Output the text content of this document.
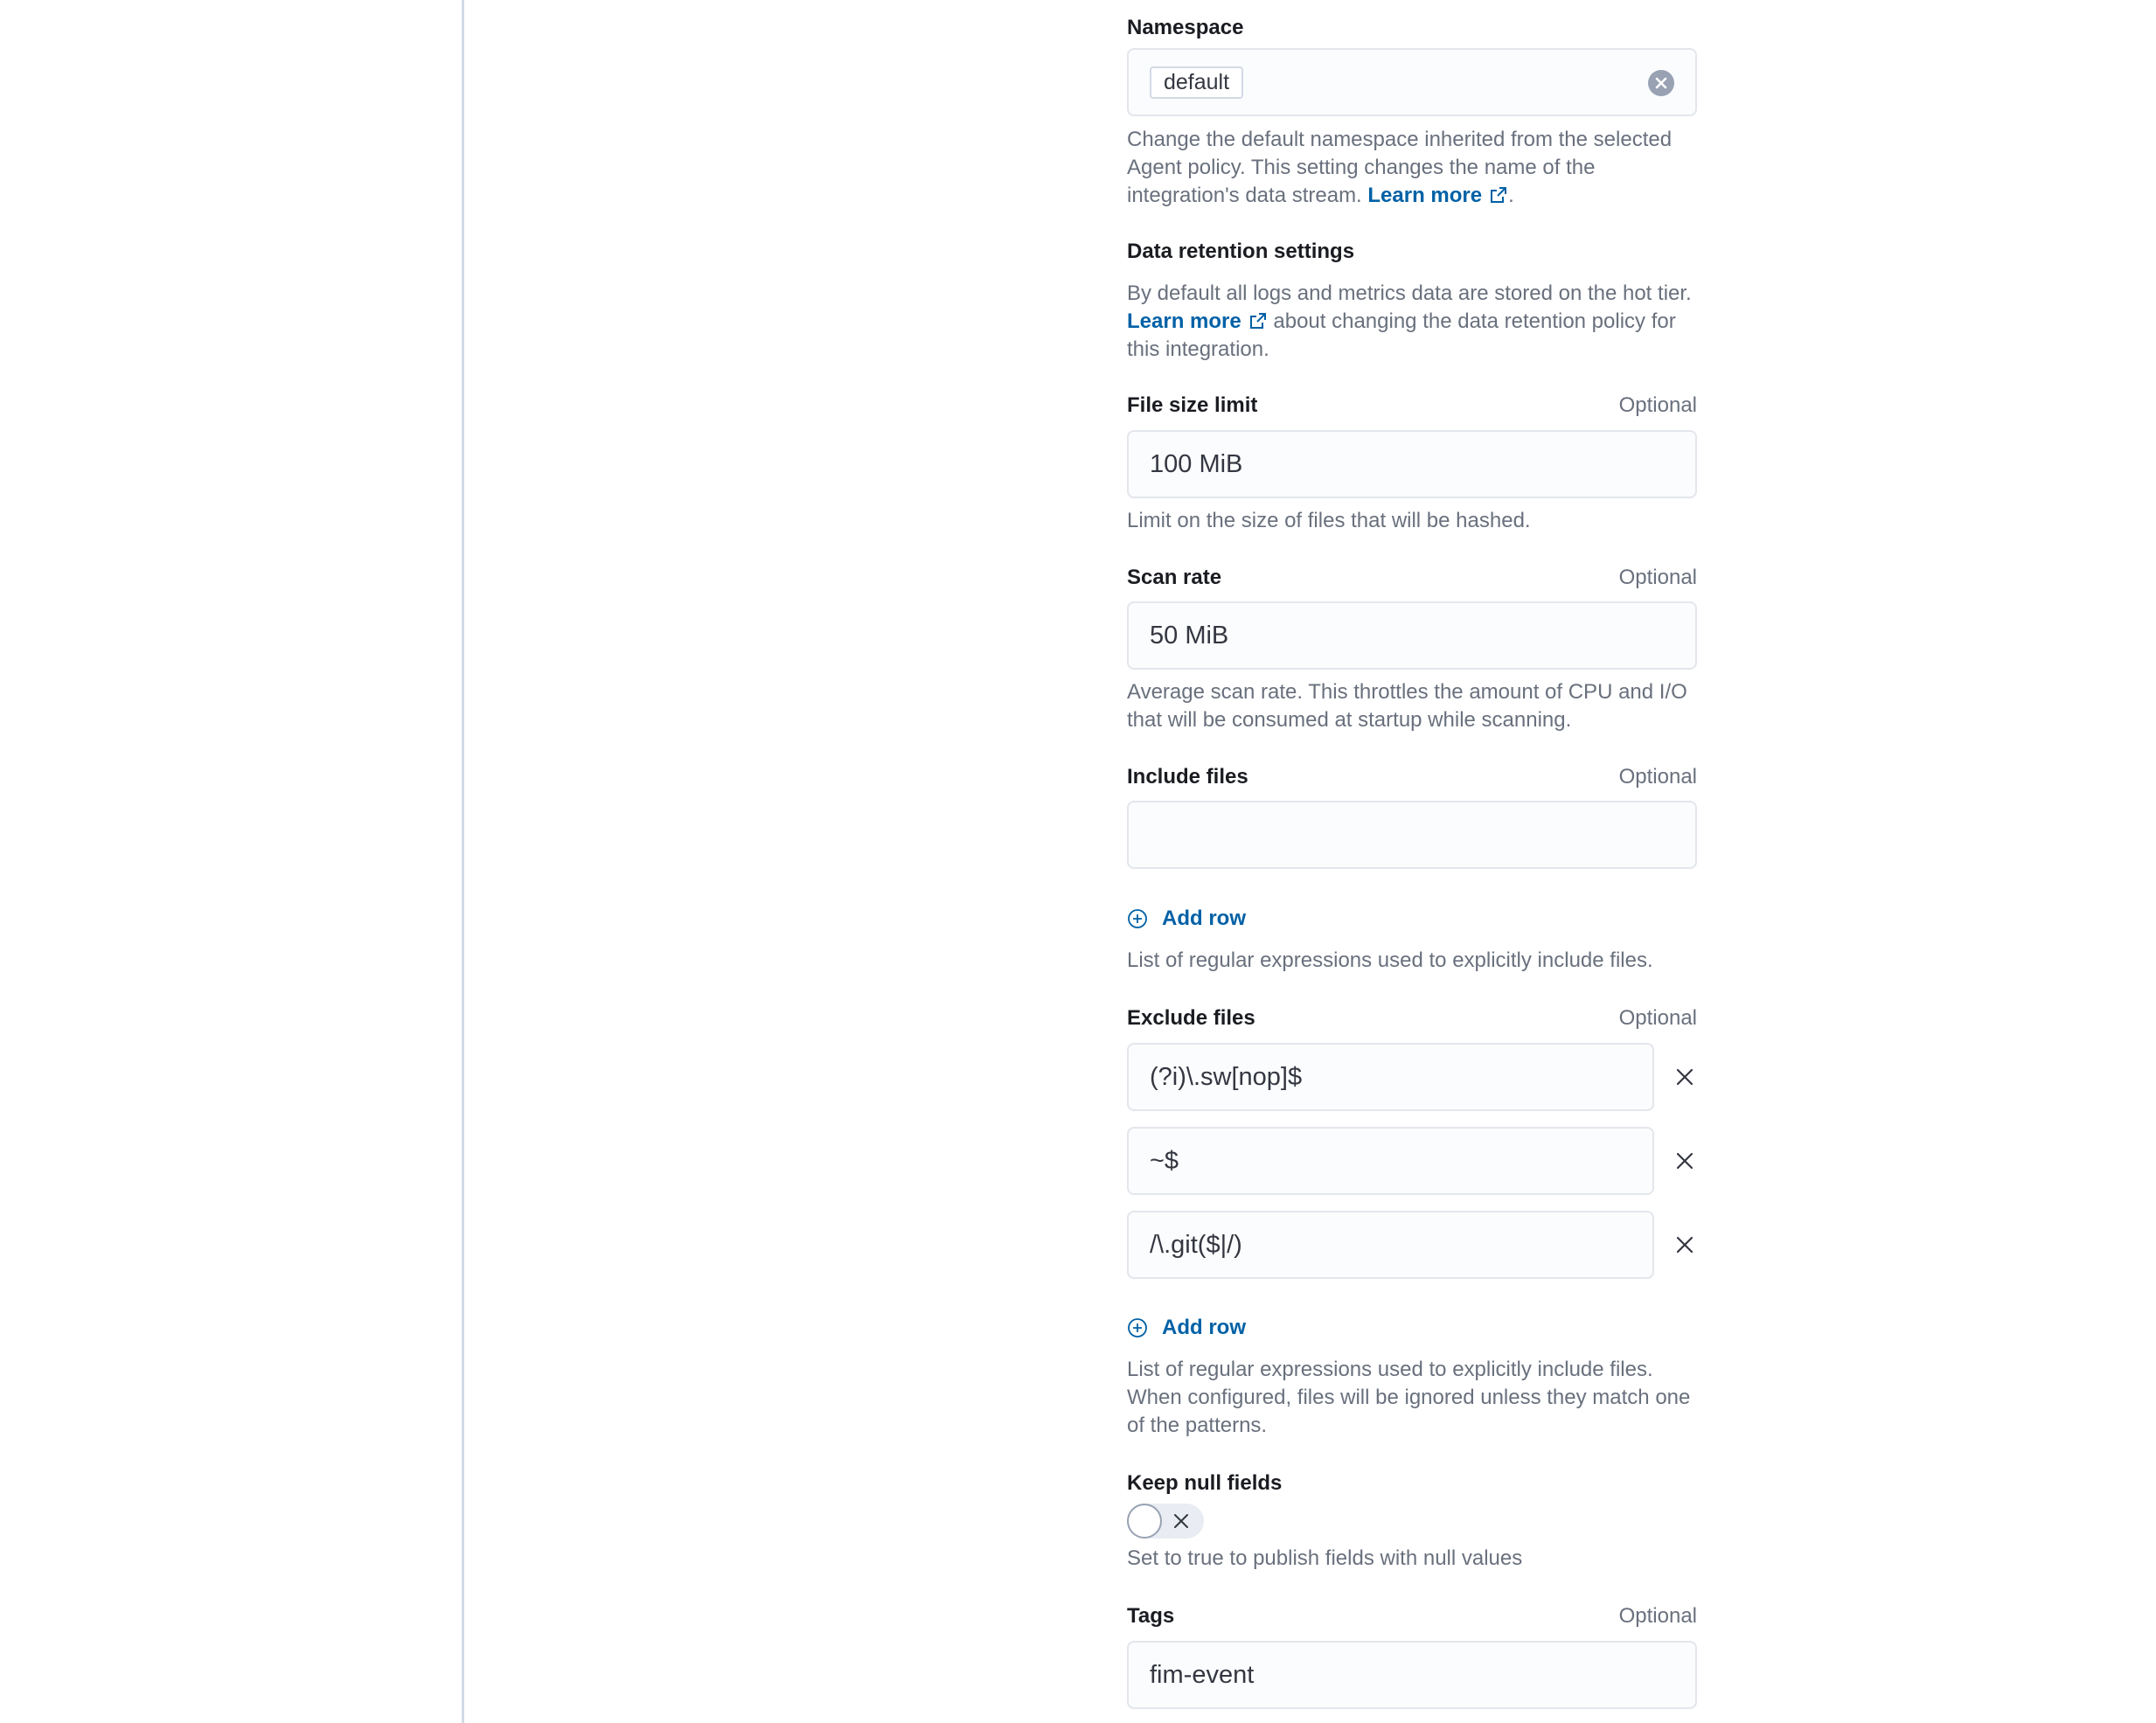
Namespace
default
Change the default namespace inherited from the selected Agent policy. This setting changes the name of the integration's data stream. Learn more .
Data retention settings
By default all logs and metrics data are stored on the hot tier. Learn more about changing the data retention policy for this integration.
File size limit	Optional
100 MiB
Limit on the size of files that will be hashed.
Scan rate	Optional
50 MiB
Average scan rate. This throttles the amount of CPU and I/O that will be consumed at startup while scanning.
Include files	Optional
Add row
List of regular expressions used to explicitly include files.
Exclude files	Optional
(?i)\.sw[nop]$
~$
/\.git($|/)
Add row
List of regular expressions used to explicitly include files. When configured, files will be ignored unless they match one of the patterns.
Keep null fields
Set to true to publish fields with null values
Tags	Optional
fim-event
